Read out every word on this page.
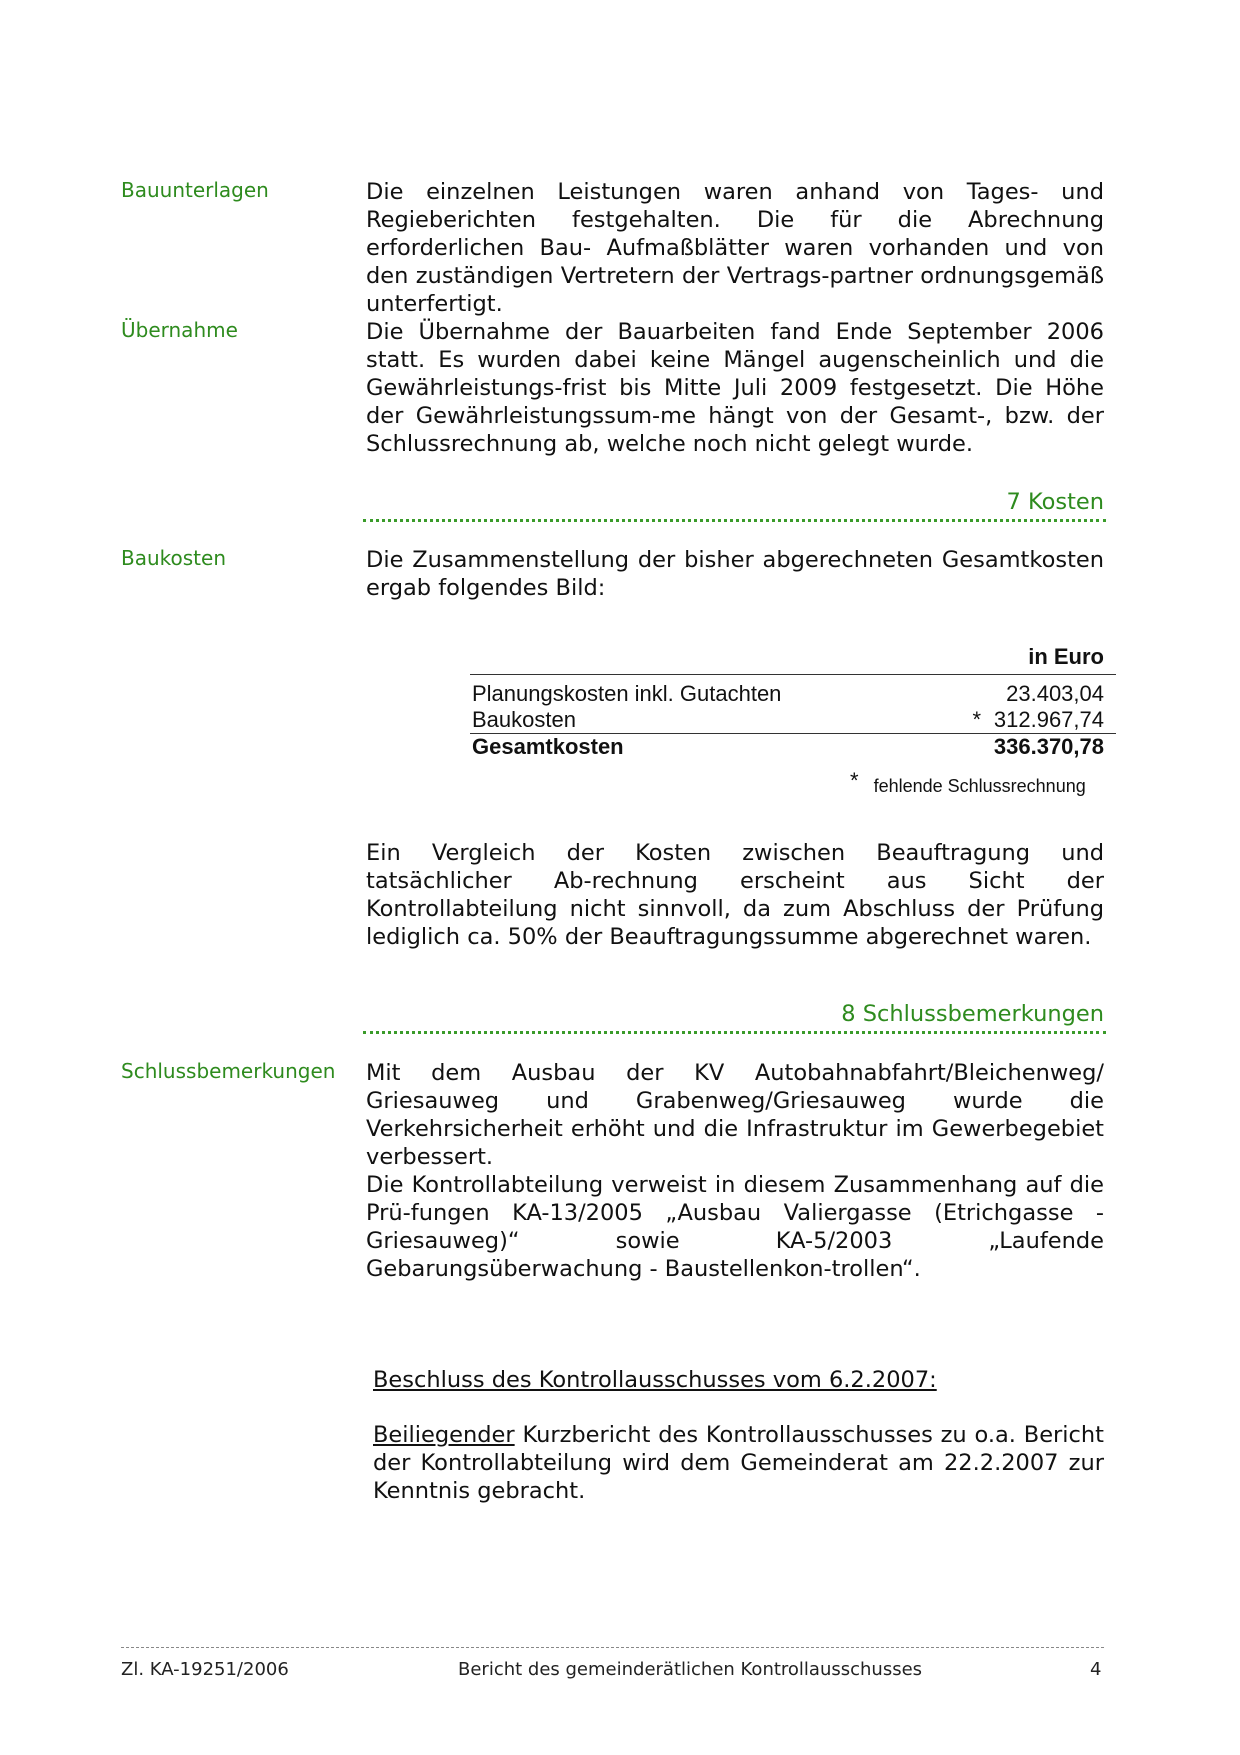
Bauunterlagen	Die einzelnen Leistungen waren anhand von Tages- und Regieberichten festgehalten. Die für die Abrechnung erforderlichen Bau- Aufmaßblätter waren vorhanden und von den zuständigen Vertretern der Vertrags-partner ordnungsgemäß unterfertigt.
Übernahme	Die Übernahme der Bauarbeiten fand Ende September 2006 statt. Es wurden dabei keine Mängel augenscheinlich und die Gewährleistungs-frist bis Mitte Juli 2009 festgesetzt. Die Höhe der Gewährleistungssum-me hängt von der Gesamt-, bzw. der Schlussrechnung ab, welche noch nicht gelegt wurde.
7 Kosten
Baukosten	Die Zusammenstellung der bisher abgerechneten Gesamtkosten ergab folgendes Bild:
in Euro
Planungskosten inkl. Gutachten	23.403,04
Baukosten	* 312.967,74
Gesamtkosten	336.370,78
* fehlende Schlussrechnung
Ein Vergleich der Kosten zwischen Beauftragung und tatsächlicher Ab-rechnung erscheint aus Sicht der Kontrollabteilung nicht sinnvoll, da zum Abschluss der Prüfung lediglich ca. 50% der Beauftragungssumme abgerechnet waren.
8 Schlussbemerkungen
Schlussbemerkungen Mit dem Ausbau der KV Autobahnabfahrt/Bleichenweg/ Griesauweg und Grabenweg/Griesauweg wurde die Verkehrsicherheit erhöht und die Infrastruktur im Gewerbegebiet verbessert.
Die Kontrollabteilung verweist in diesem Zusammenhang auf die Prü-fungen KA-13/2005 „Ausbau Valiergasse (Etrichgasse - Griesauweg)“ sowie KA-5/2003 „Laufende Gebarungsüberwachung - Baustellenkon-trollen“.
Beschluss des Kontrollausschusses vom 6.2.2007:
Beiliegender Kurzbericht des Kontrollausschusses zu o.a. Bericht der Kontrollabteilung wird dem Gemeinderat am 22.2.2007 zur Kenntnis gebracht.
Zl. KA-19251/2006	Bericht des gemeinderätlichen Kontrollausschusses	4
